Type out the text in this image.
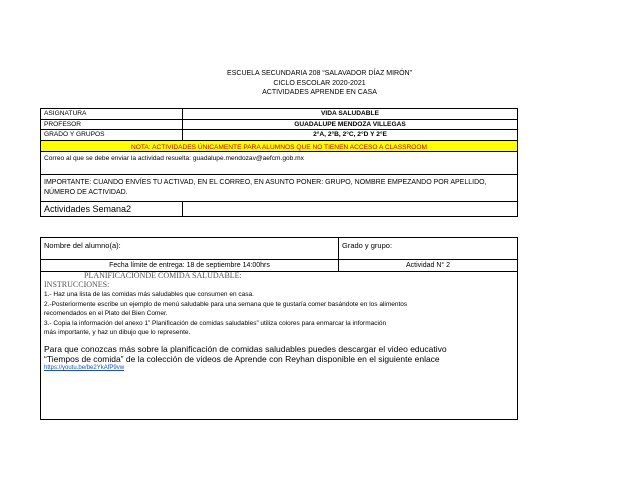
ESCUELA SECUNDARIA 208 “SALAVADOR DÍAZ MIRÓN”
CICLO ESCOLAR 2020-2021
ACTIVIDADES APRENDE EN CASA
ASIGNATURA	VIDA SALUDABLE
PROFESOR	GUADALUPE MENDOZA VILLEGAS
GRADO Y GRUPOS	2°A, 2°B, 2°C, 2°D Y 2°E
NOTA: ACTIVIDADES ÚNICAMENTE PARA ALUMNOS QUE NO TIENEN ACCESO A CLASSROOM
Correo al que se debe enviar la actividad resuelta: guadalupe.mendozav@aefcm.gob.mx
IMPORTANTE: CUANDO ENVÍES TU ACTIVAD, EN EL CORREO, EN ASUNTO PONER: GRUPO, NOMBRE EMPEZANDO POR APELLIDO, NÚMERO DE ACTIVIDAD.
Actividades Semana2
Nombre del alumno(a):	Grado y grupo:
Fecha límite de entrega: 18 de septiembre 14:00hrs	Actividad N° 2
PLANIFICACIONDE COMIDA SALUDABLE:
INSTRUCCIONES:
1.- Haz una lista de las comidas más saludables que consumen en casa.
2.-Posteriormente escribe un ejemplo de menú saludable para una semana que te gustaría comer basándote en los alimentos
recomendados en el Plato del Bien Comer.
3.- Copia la información del anexo 1” Planificación de comidas saludables” utiliza colores para enmarcar la información
más importante, y haz un dibujo que lo represente.
Para que conozcas más sobre la planificación de comidas saludables puedes descargar el video educativo
“Tiempos de comida” de la colección de videos de Aprende con Reyhan disponible en el siguiente enlace
https://youtu.be/be2YkAfP9vw
